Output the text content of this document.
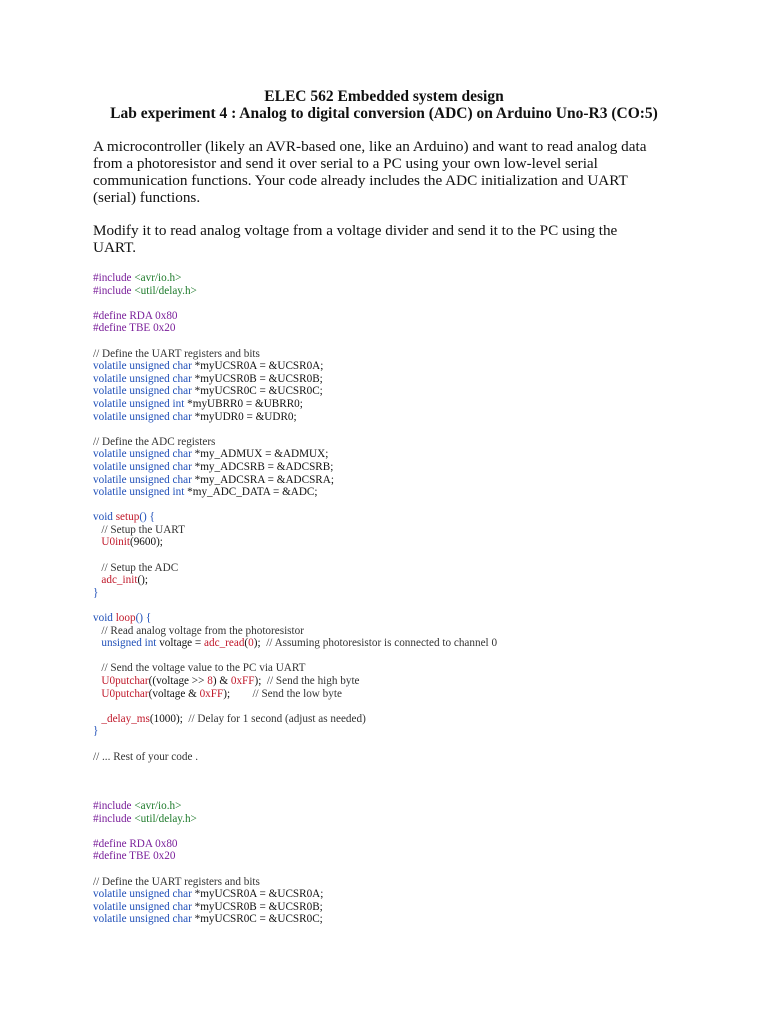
ELEC 562 Embedded system design
Lab experiment 4 : Analog to digital conversion (ADC) on Arduino Uno-R3 (CO:5)
A microcontroller (likely an AVR-based one, like an Arduino) and want to read analog data
from a photoresistor and send it over serial to a PC using your own low-level serial
communication functions. Your code already includes the ADC initialization and UART
(serial) functions.
Modify it to read analog voltage from a voltage divider and send it to the PC using the
UART.
#include <avr/io.h>
#include <util/delay.h>

#define RDA 0x80
#define TBE 0x20

// Define the UART registers and bits
volatile unsigned char *myUCSR0A = &UCSR0A;
volatile unsigned char *myUCSR0B = &UCSR0B;
volatile unsigned char *myUCSR0C = &UCSR0C;
volatile unsigned int *myUBRR0 = &UBRR0;
volatile unsigned char *myUDR0 = &UDR0;

// Define the ADC registers
volatile unsigned char *my_ADMUX = &ADMUX;
volatile unsigned char *my_ADCSRB = &ADCSRB;
volatile unsigned char *my_ADCSRA = &ADCSRA;
volatile unsigned int *my_ADC_DATA = &ADC;

void setup() {
// Setup the UART
U0init(9600);

// Setup the ADC
adc_init();
}

void loop() {
// Read analog voltage from the photoresistor
unsigned int voltage = adc_read(0);  // Assuming photoresistor is connected to channel 0

// Send the voltage value to the PC via UART
U0putchar((voltage >> 8) & 0xFF);  // Send the high byte
U0putchar(voltage & 0xFF);        // Send the low byte

_delay_ms(1000);  // Delay for 1 second (adjust as needed)
}

// ... Rest of your code .
#include <avr/io.h>
#include <util/delay.h>

#define RDA 0x80
#define TBE 0x20

// Define the UART registers and bits
volatile unsigned char *myUCSR0A = &UCSR0A;
volatile unsigned char *myUCSR0B = &UCSR0B;
volatile unsigned char *myUCSR0C = &UCSR0C;
